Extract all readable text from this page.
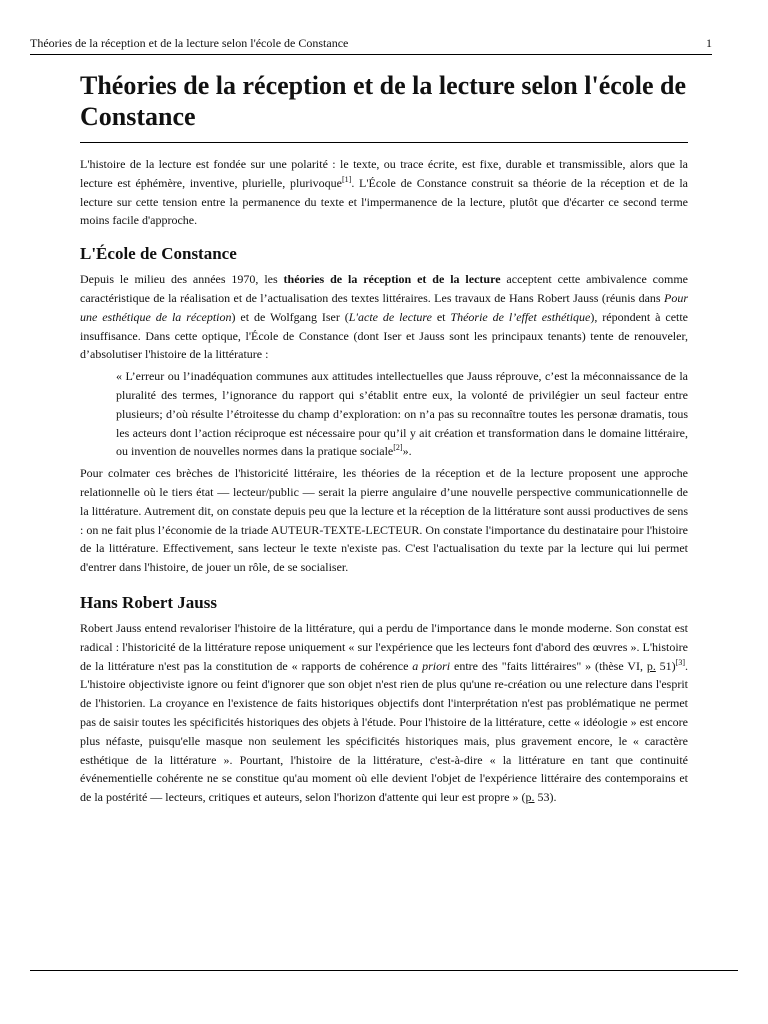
Théories de la réception et de la lecture selon l'école de Constance	1
Théories de la réception et de la lecture selon l'école de Constance

L'histoire de la lecture est fondée sur une polarité : le texte, ou trace écrite, est fixe, durable et transmissible, alors que la lecture est éphémère, inventive, plurielle, plurivoque[1]. L'École de Constance construit sa théorie de la réception et de la lecture sur cette tension entre la permanence du texte et l'impermanence de la lecture, plutôt que d'écarter ce second terme moins facile d'approche.

L'École de Constance

Depuis le milieu des années 1970, les théories de la réception et de la lecture acceptent cette ambivalence comme caractéristique de la réalisation et de l’actualisation des textes littéraires. Les travaux de Hans Robert Jauss (réunis dans Pour une esthétique de la réception) et de Wolfgang Iser (L'acte de lecture et Théorie de l’effet esthétique), répondent à cette insuffisance. Dans cette optique, l'École de Constance (dont Iser et Jauss sont les principaux tenants) tente de renouveler, d’absolutiser l'histoire de la littérature :

« L’erreur ou l’inadéquation communes aux attitudes intellectuelles que Jauss réprouve, c’est la méconnaissance de la pluralité des termes, l’ignorance du rapport qui s’établit entre eux, la volonté de privilégier un seul facteur entre plusieurs; d’où résulte l’étroitesse du champ d’exploration: on n’a pas su reconnaître toutes les personæ dramatis, tous les acteurs dont l’action réciproque est nécessaire pour qu’il y ait création et transformation dans le domaine littéraire, ou invention de nouvelles normes dans la pratique sociale[2]».

Pour colmater ces brèches de l'historicité littéraire, les théories de la réception et de la lecture proposent une approche relationnelle où le tiers état — lecteur/public — serait la pierre angulaire d’une nouvelle perspective communicationnelle de la littérature. Autrement dit, on constate depuis peu que la lecture et la réception de la littérature sont aussi productives de sens : on ne fait plus l’économie de la triade AUTEUR-TEXTE-LECTEUR. On constate l'importance du destinataire pour l'histoire de la littérature. Effectivement, sans lecteur le texte n'existe pas. C'est l'actualisation du texte par la lecture qui lui permet d'entrer dans l'histoire, de jouer un rôle, de se socialiser.

Hans Robert Jauss

Robert Jauss entend revaloriser l'histoire de la littérature, qui a perdu de l'importance dans le monde moderne. Son constat est radical : l'historicité de la littérature repose uniquement « sur l'expérience que les lecteurs font d'abord des œuvres ». L'histoire de la littérature n'est pas la constitution de « rapports de cohérence a priori entre des "faits littéraires" » (thèse VI, p. 51)[3]. L'histoire objectiviste ignore ou feint d'ignorer que son objet n'est rien de plus qu'une re-création ou une relecture dans l'esprit de l'historien. La croyance en l'existence de faits historiques objectifs dont l'interprétation n'est pas problématique ne permet pas de saisir toutes les spécificités historiques des objets à l'étude. Pour l'histoire de la littérature, cette « idéologie » est encore plus néfaste, puisqu'elle masque non seulement les spécificités historiques mais, plus gravement encore, le « caractère esthétique de la littérature ». Pourtant, l'histoire de la littérature, c'est-à-dire « la littérature en tant que continuité événementielle cohérente ne se constitue qu'au moment où elle devient l'objet de l'expérience littéraire des contemporains et de la postérité — lecteurs, critiques et auteurs, selon l'horizon d'attente qui leur est propre » (p. 53).
